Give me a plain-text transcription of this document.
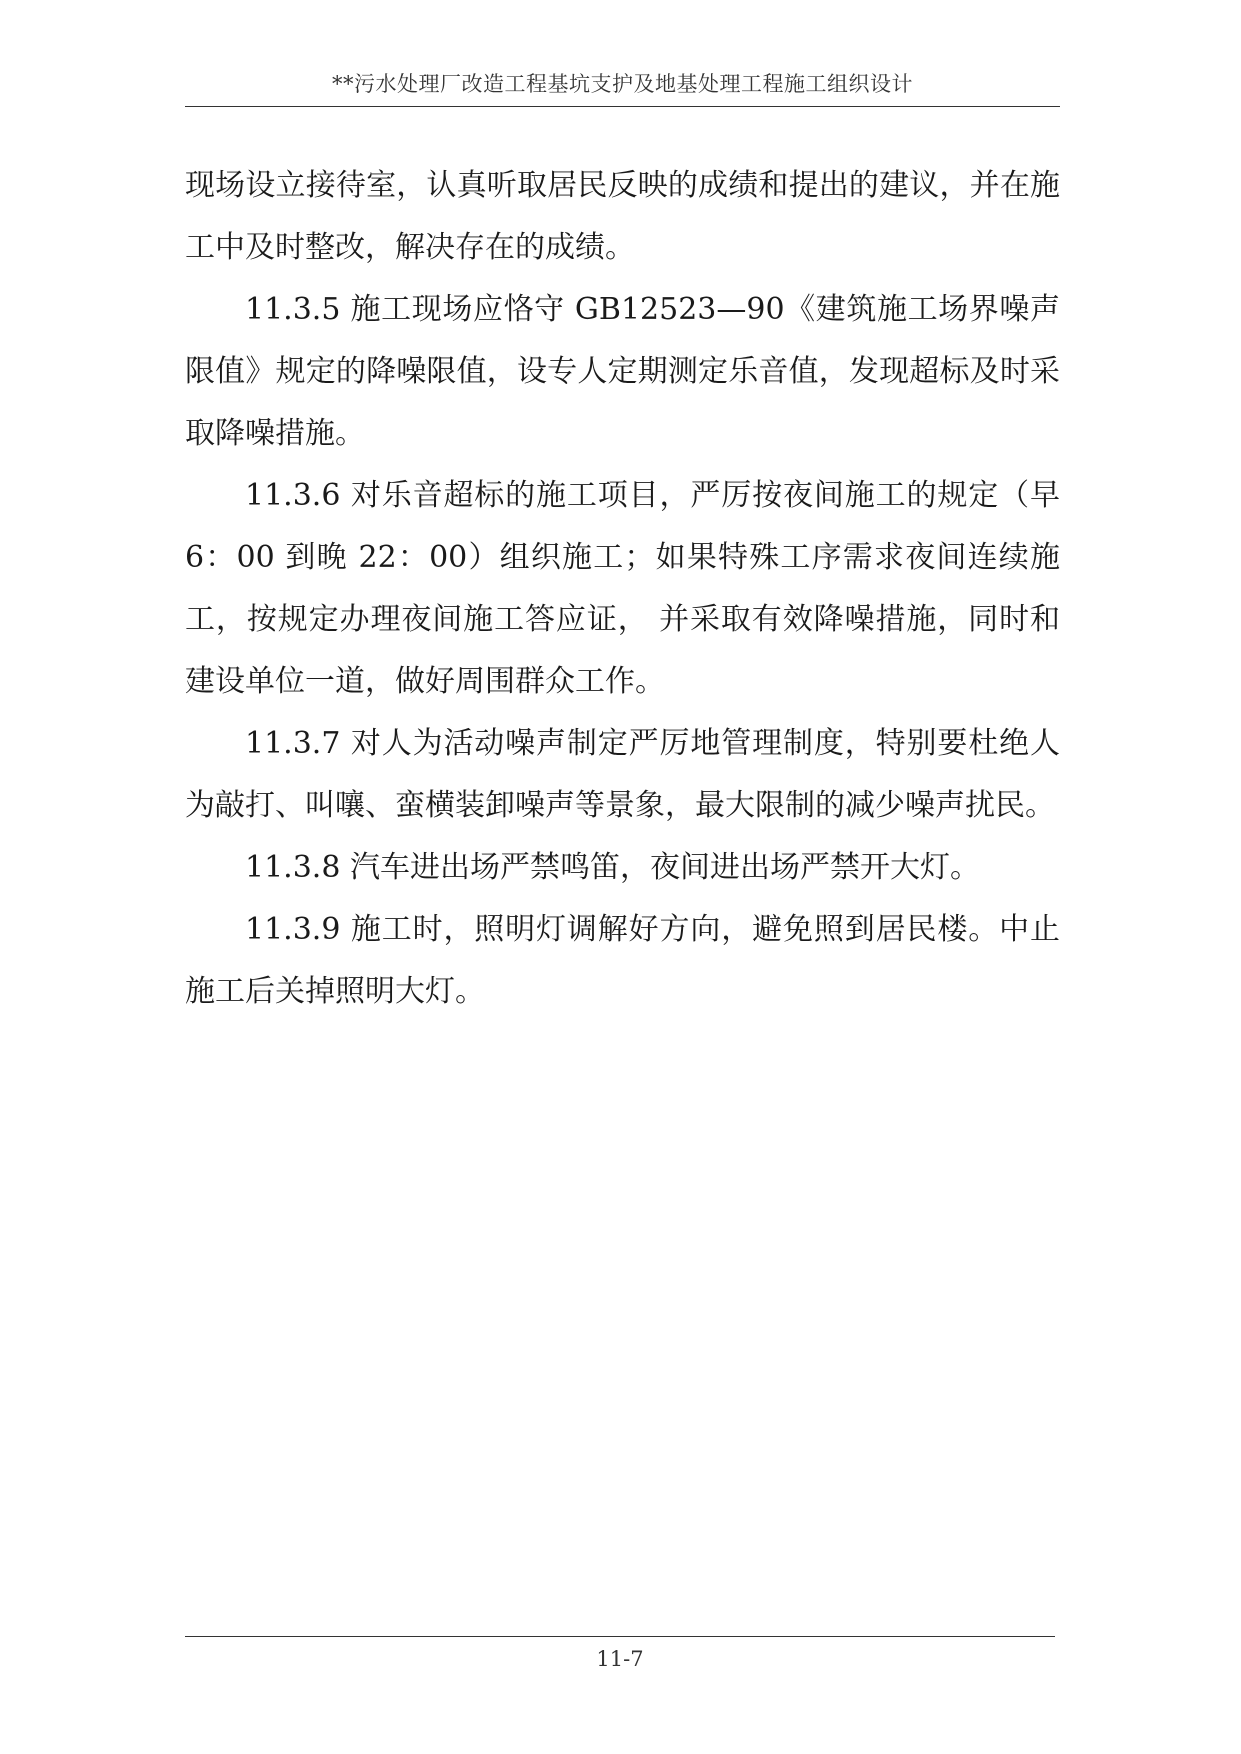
**污水处理厂改造工程基坑支护及地基处理工程施工组织设计

现场设立接待室，认真听取居民反映的成绩和提出的建议，并在施工中及时整改，解决存在的成绩。

11.3.5 施工现场应恪守 GB12523—90《建筑施工场界噪声限值》规定的降噪限值，设专人定期测定乐音值，发现超标及时采取降噪措施。

11.3.6 对乐音超标的施工项目，严厉按夜间施工的规定（早 6：00 到晚 22：00）组织施工；如果特殊工序需求夜间连续施工，按规定办理夜间施工答应证， 并采取有效降噪措施，同时和建设单位一道，做好周围群众工作。

11.3.7 对人为活动噪声制定严厉地管理制度，特别要杜绝人为敲打、叫嚷、蛮横装卸噪声等景象，最大限制的减少噪声扰民。

11.3.8 汽车进出场严禁鸣笛，夜间进出场严禁开大灯。

11.3.9 施工时，照明灯调解好方向，避免照到居民楼。中止施工后关掉照明大灯。

11-7
